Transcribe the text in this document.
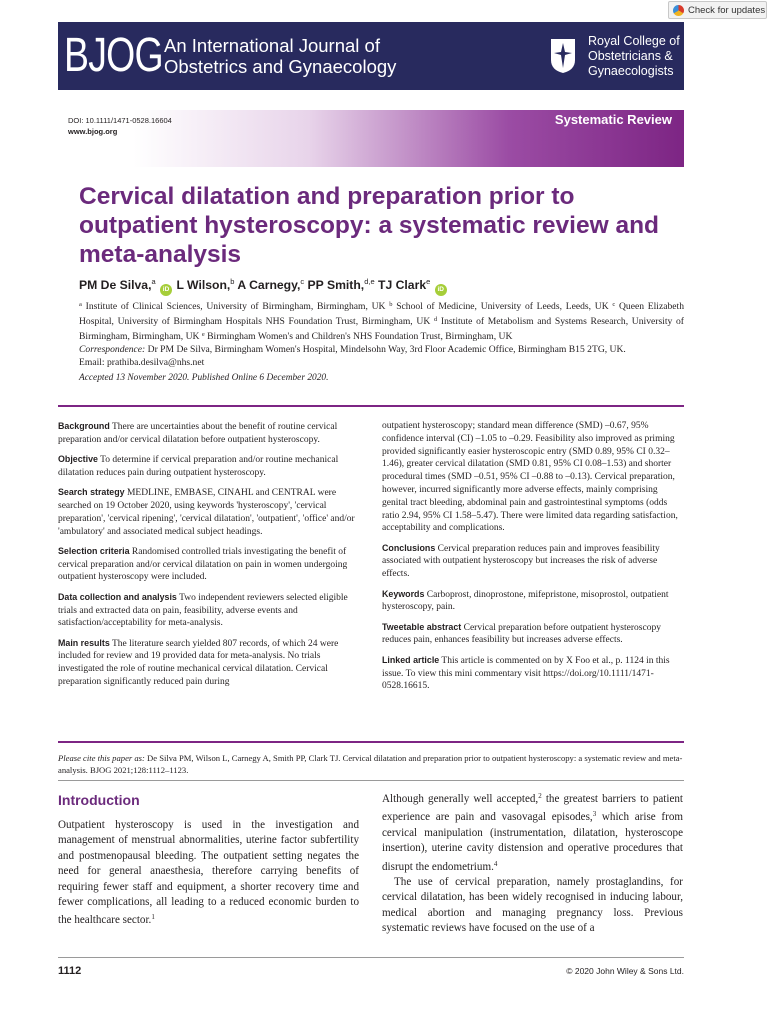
Check for updates
BJOG An International Journal of
Obstetrics and Gynaecology
Royal College of
Obstetricians &
Gynaecologists
DOI: 10.1111/1471-0528.16604
www.bjog.org
Systematic Review
Cervical dilatation and preparation prior to outpatient hysteroscopy: a systematic review and meta-analysis
PM De Silva,$^a$ iD L Wilson,$^b$ A Carnegy,$^c$ PP Smith,$^{d,e}$ TJ Clark$^e$ iD
$^a$ Institute of Clinical Sciences, University of Birmingham, Birmingham, UK $^b$ School of Medicine, University of Leeds, Leeds, UK $^c$ Queen Elizabeth Hospital, University of Birmingham Hospitals NHS Foundation Trust, Birmingham, UK $^d$ Institute of Metabolism and Systems Research, University of Birmingham, Birmingham, UK $^e$ Birmingham Women's and Children's NHS Foundation Trust, Birmingham, UK
Correspondence: Dr PM De Silva, Birmingham Women's Hospital, Mindelsohn Way, 3rd Floor Academic Office, Birmingham B15 2TG, UK.
Email: prathiba.desilva@nhs.net
Accepted 13 November 2020. Published Online 6 December 2020.

Background There are uncertainties about the benefit of routine cervical preparation and/or cervical dilatation before outpatient hysteroscopy.

Objective To determine if cervical preparation and/or routine mechanical dilatation reduces pain during outpatient hysteroscopy.

Search strategy MEDLINE, EMBASE, CINAHL and CENTRAL were searched on 19 October 2020, using keywords 'hysteroscopy', 'cervical preparation', 'cervical ripening', 'cervical dilatation', 'outpatient', 'office' and/or 'ambulatory' and associated medical subject headings.

Selection criteria Randomised controlled trials investigating the benefit of cervical preparation and/or cervical dilatation on pain in women undergoing outpatient hysteroscopy were included.

Data collection and analysis Two independent reviewers selected eligible trials and extracted data on pain, feasibility, adverse events and satisfaction/acceptability for meta-analysis.

Main results The literature search yielded 807 records, of which 24 were included for review and 19 provided data for meta-analysis. No trials investigated the role of routine mechanical cervical dilatation. Cervical preparation significantly reduced pain during

outpatient hysteroscopy; standard mean difference (SMD) –0.67, 95% confidence interval (CI) –1.05 to –0.29. Feasibility also improved as priming provided significantly easier hysteroscopic entry (SMD 0.89, 95% CI 0.32–1.46), greater cervical dilatation (SMD 0.81, 95% CI 0.08–1.53) and shorter procedural times (SMD –0.51, 95% CI –0.88 to –0.13). Cervical preparation, however, incurred significantly more adverse effects, mainly comprising genital tract bleeding, abdominal pain and gastrointestinal symptoms (odds ratio 2.94, 95% CI 1.58–5.47). There were limited data regarding satisfaction, acceptability and complications.

Conclusions Cervical preparation reduces pain and improves feasibility associated with outpatient hysteroscopy but increases the risk of adverse effects.

Keywords Carboprost, dinoprostone, mifepristone, misoprostol, outpatient hysteroscopy, pain.

Tweetable abstract Cervical preparation before outpatient hysteroscopy reduces pain, enhances feasibility but increases adverse effects.

Linked article This article is commented on by X Foo et al., p. 1124 in this issue. To view this mini commentary visit https://doi.org/10.1111/1471-0528.16615.

Please cite this paper as: De Silva PM, Wilson L, Carnegy A, Smith PP, Clark TJ. Cervical dilatation and preparation prior to outpatient hysteroscopy: a systematic review and meta-analysis. BJOG 2021;128:1112–1123.
Introduction

Outpatient hysteroscopy is used in the investigation and management of menstrual abnormalities, uterine factor subfertility and postmenopausal bleeding. The outpatient setting negates the need for general anaesthesia, therefore carrying benefits of requiring fewer staff and equipment, a shorter recovery time and fewer complications, all leading to a reduced economic burden to the healthcare sector.$^1$

Although generally well accepted,$^2$ the greatest barriers to patient experience are pain and vasovagal episodes,$^3$ which arise from cervical manipulation (instrumentation, dilatation, hysteroscope insertion), uterine cavity distension and operative procedures that disrupt the endometrium.$^4$

The use of cervical preparation, namely prostaglandins, for cervical dilatation, has been widely recognised in inducing labour, medical abortion and managing pregnancy loss. Previous systematic reviews have focused on the use of a

1112	© 2020 John Wiley & Sons Ltd.
